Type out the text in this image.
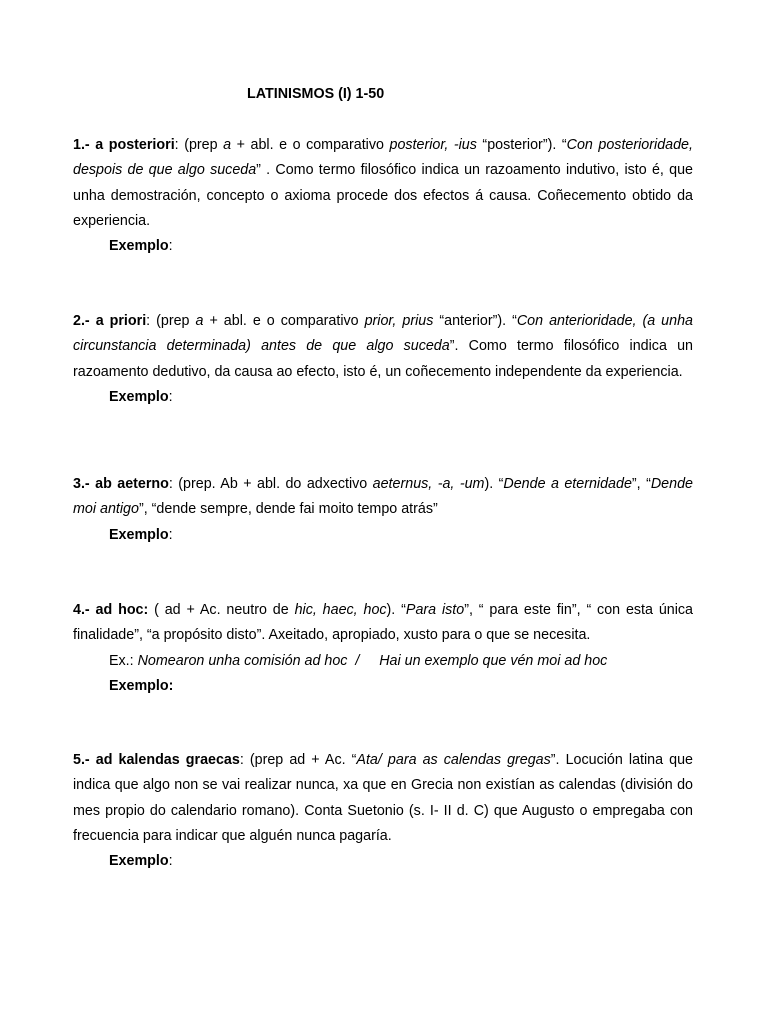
LATINISMOS (I) 1-50

1.- a posteriori: (prep a + abl. e o comparativo posterior, -ius “posterior”). “Con posterioridade, despois de que algo suceda” . Como termo filosófico indica un razoamento indutivo, isto é, que unha demostración, concepto o axioma procede dos efectos á causa. Coñecemento obtido da experiencia.

Exemplo:

2.- a priori: (prep a + abl. e o comparativo prior, prius “anterior”). “Con anterioridade, (a unha circunstancia determinada) antes de que algo suceda”. Como termo filosófico indica un razoamento dedutivo, da causa ao efecto, isto é, un coñecemento independente da experiencia.

Exemplo:

3.- ab aeterno: (prep. Ab + abl. do adxectivo aeternus, -a, -um). “Dende a eternidade”, “Dende moi antigo”, “dende sempre, dende fai moito tempo atrás”

Exemplo:

4.- ad hoc: ( ad + Ac. neutro de hic, haec, hoc). “Para isto”, “ para este fin”, “ con esta única finalidade”, “a propósito disto”. Axeitado, apropiado, xusto para o que se necesita.

Ex.: Nomearon unha comisión ad hoc  /     Hai un exemplo que vén moi ad hoc

Exemplo:

5.- ad kalendas graecas: (prep ad + Ac. “Ata/ para as calendas gregas”. Locución latina que indica que algo non se vai realizar nunca, xa que en Grecia non existían as calendas (división do mes propio do calendario romano). Conta Suetonio (s. I- II d. C) que Augusto o empregaba con frecuencia para indicar que alguén nunca pagaría.

Exemplo:
